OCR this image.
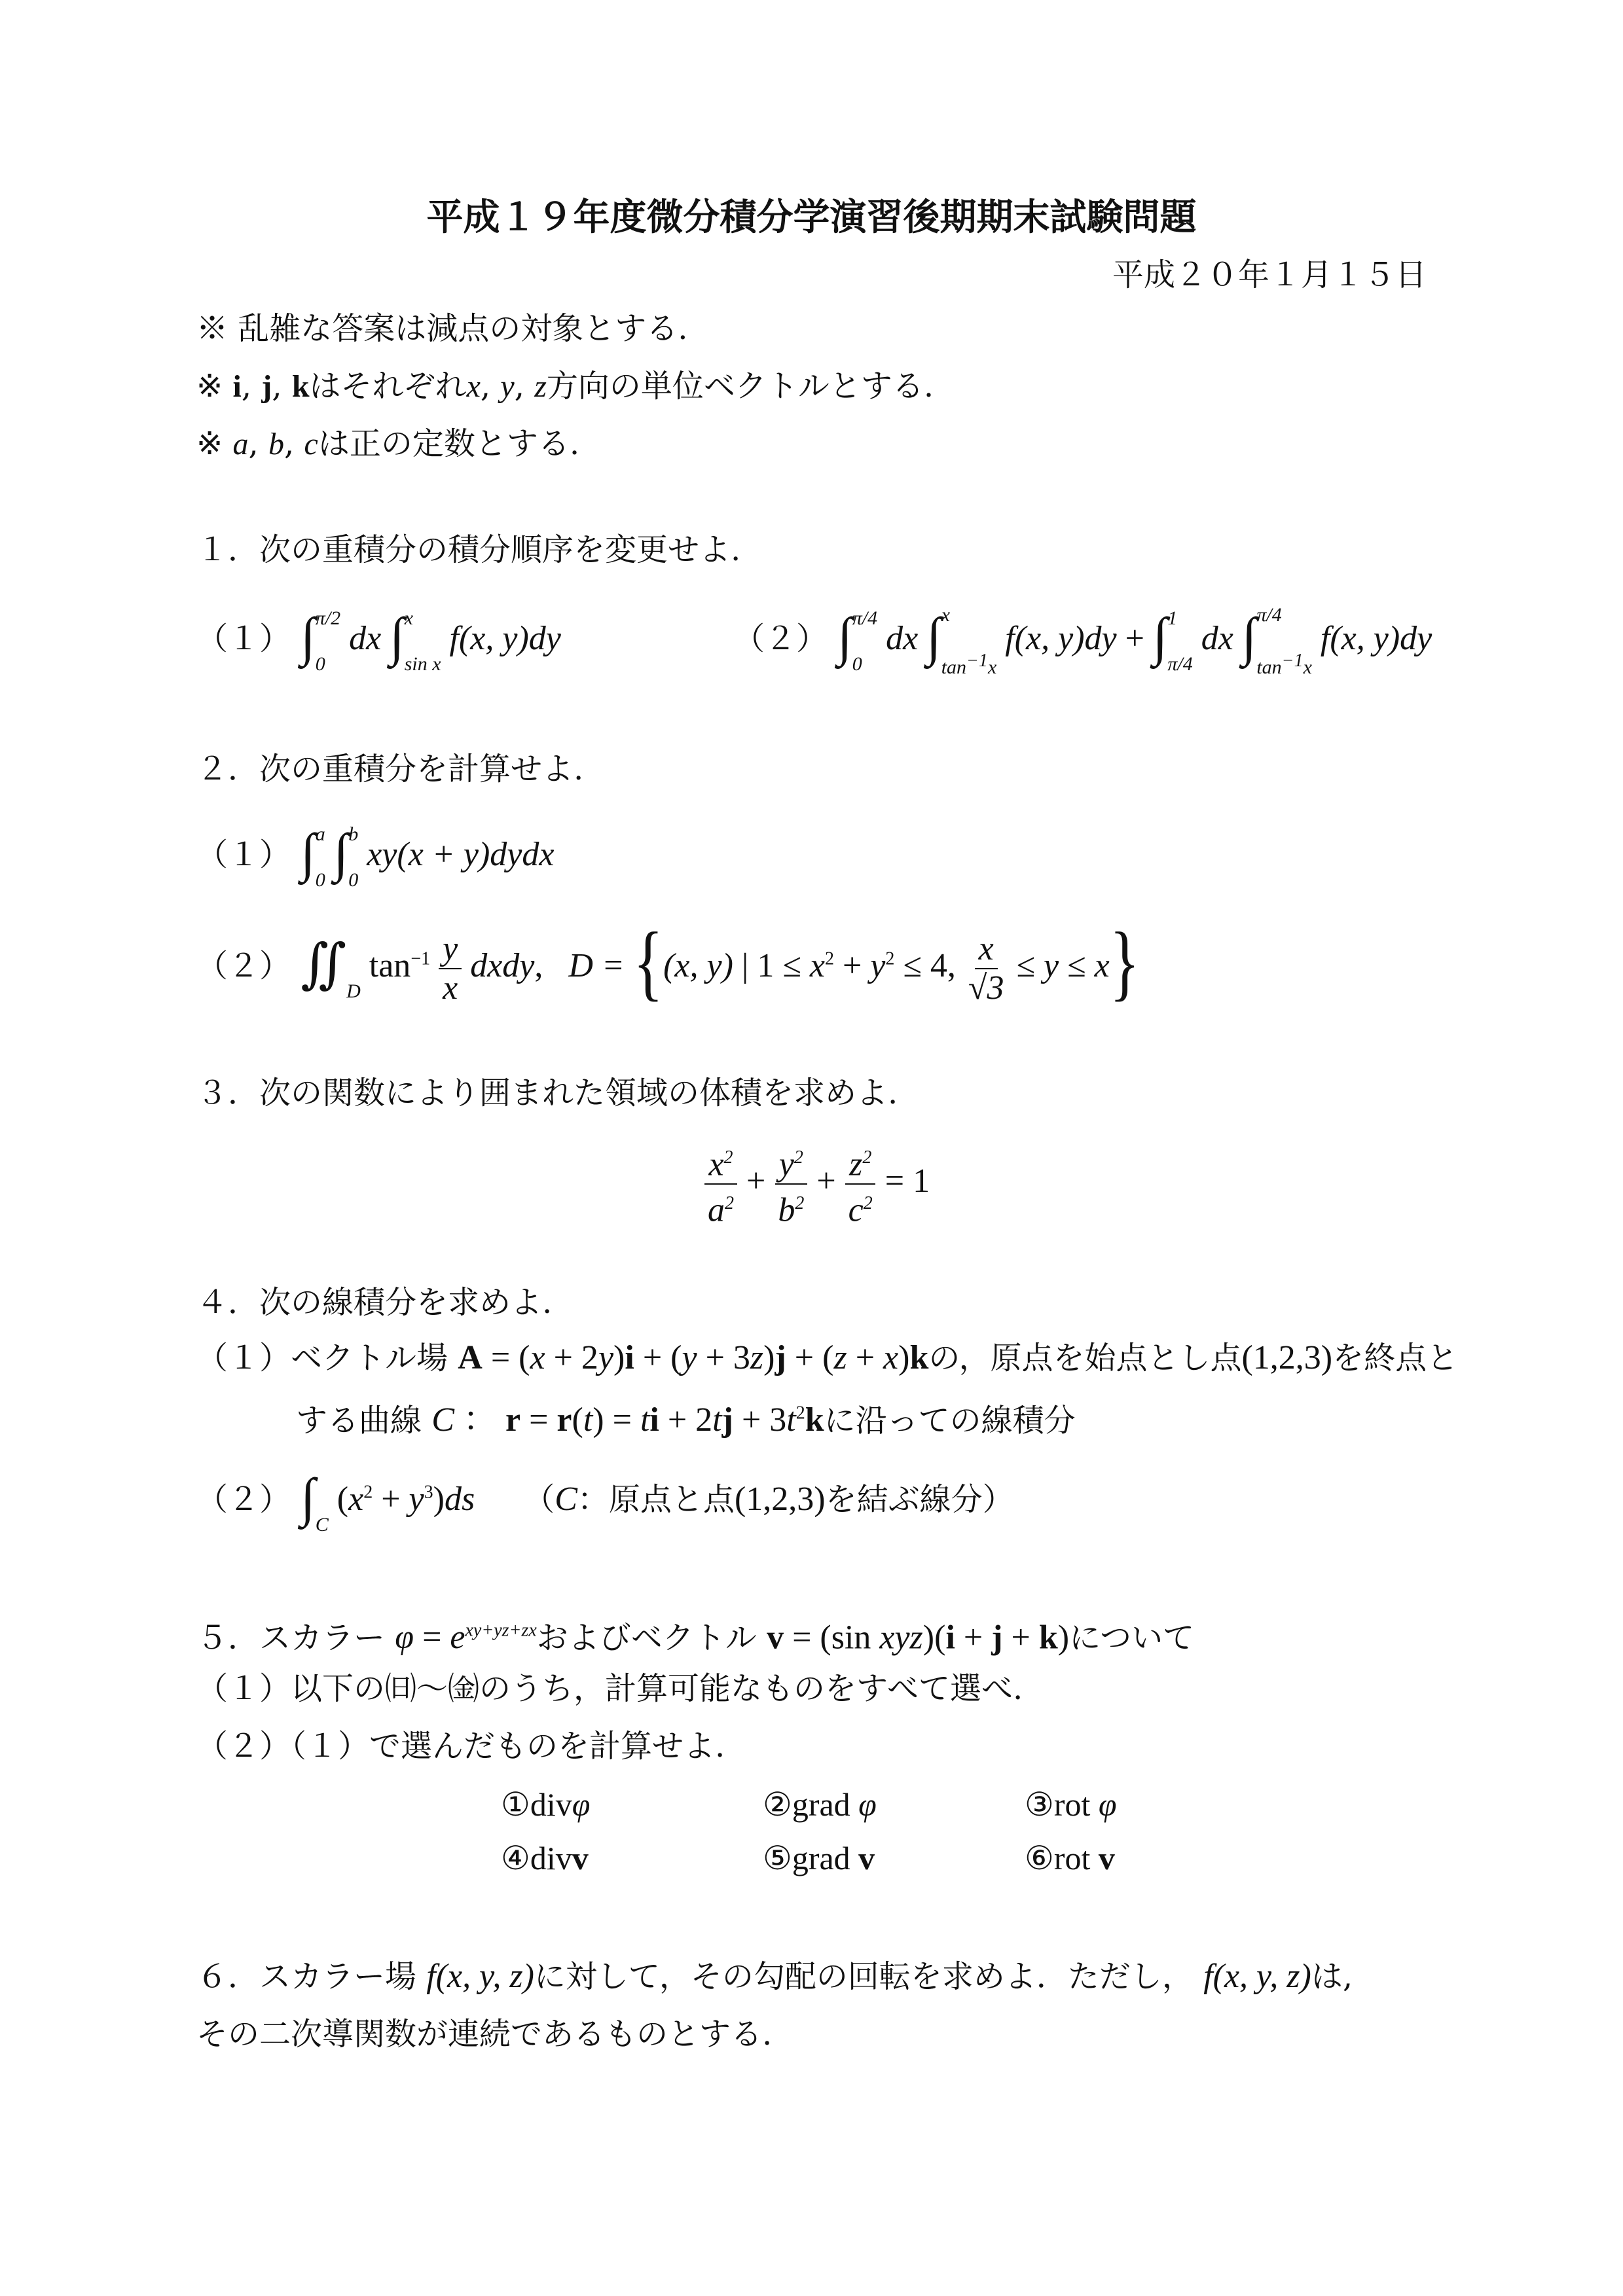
平成１９年度微分積分学演習後期期末試験問題
平成２０年１月１５日
※ 乱雑な答案は減点の対象とする.
※ i, j, kはそれぞれx, y, z方向の単位ベクトルとする.
※ a, b, cは正の定数とする.
１．次の重積分の積分順序を変更せよ.
（１） ∫ π/2
0
dx ∫ x
sin x
f(x, y)dy	（２） ∫ π/4
0
dx ∫ x
$\tan^{-1}x$
f(x, y)dy + ∫ 1
π/4
dx ∫ π/4
$\tan^{-1}x$
f(x, y)dy
２．次の重積分を計算せよ.
（１） ∫ a
0 ∫ b
0
xy(x + y)dydx
（２） ∬
D
$\tan^{-1} \frac{y}{x}$ dxdy,   D = {(x, y) | $1 \le x^2 + y^2 \le 4$, $\frac{x}{√3} \le y \le x$}
３．次の関数により囲まれた領域の体積を求めよ.
$\frac{x^2}{a^2} + \frac{y^2}{b^2} + \frac{z^2}{c^2} = 1$
４．次の線積分を求めよ.
（１）ベクトル場 A = (x + 2y)i + (y + 3z)j + (z + x)kの，原点を始点とし点(1,2,3)を終点と
する曲線 C ： r = r(t) = ti + $2tj + 3t^2k$に沿っての線積分
（２） ∫
C
$(x^2 + y^3)ds$     （C：原点と点(1,2,3)を結ぶ線分）
５．スカラー $\varphi = e^{xy+yz+zx}$およびベクトル v = (sin xyz)(i + j + k)について
（１）以下の㈰～㈮のうち，計算可能なものをすべて選べ.
（２）（１）で選んだものを計算せよ.
①divφ	②grad φ	③rot φ
④divv	⑤grad v	⑥rot v
６．スカラー場 f(x, y, z)に対して，その勾配の回転を求めよ．ただし， f(x, y, z)は,
その二次導関数が連続であるものとする.
